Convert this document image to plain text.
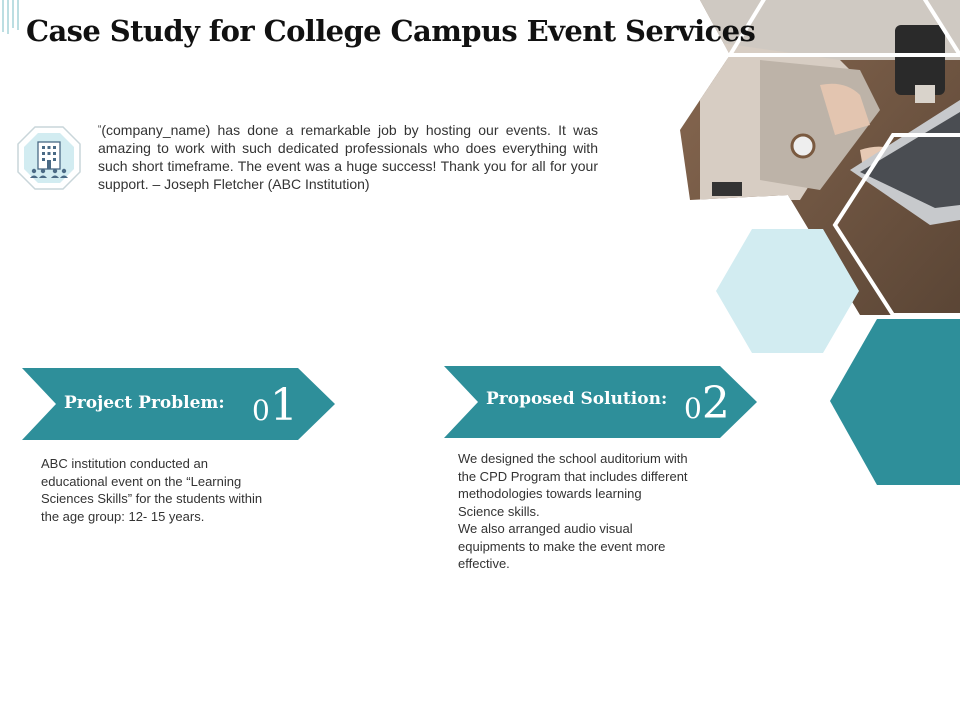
Case Study for College Campus Event Services
“(company_name) has done a remarkable job by hosting our events. It was amazing to work with such dedicated professionals who does everything with such short timeframe. The event was a huge success! Thank you for all for your support. – Joseph Fletcher (ABC Institution)
Project Problem: 01	Proposed Solution: 02

ABC institution conducted an educational event on the “Learning Sciences Skills” for the students within the age group: 12- 15 years.

We designed the school auditorium with the CPD Program that includes different methodologies towards learning Science skills.

We also arranged audio visual equipments to make the event more effective.
